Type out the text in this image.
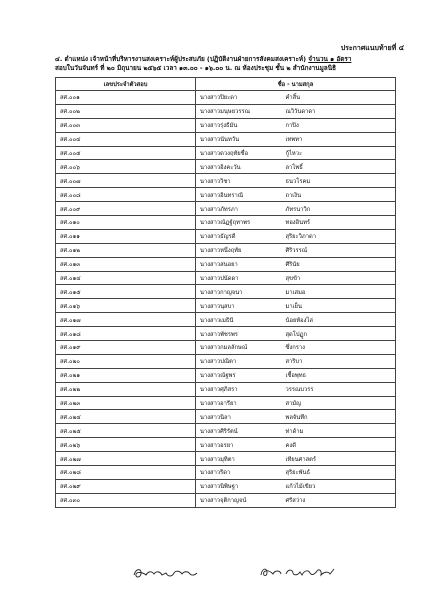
ประกาศแนบท้ายที่ ๔
๔. ตำแหน่ง เจ้าหน้าที่บริหารงานสงเคราะห์ผู้ประสบภัย (ปฏิบัติงานฝ่ายการสังคมสงเคราะห์) จำนวน ๑ อัตรา
สอบในวันจันทร์ ที่ ๒๐ มิถุนายน ๒๕๖๕ เวลา ๑๓.๐๐ - ๑๖.๐๐ น. ณ ห้องประชุม ชั้น ๒ สำนักงานมูลนิธิ
เลขประจำตัวสอบ	ชื่อ - นามสกุล	
สศ.๐๐๑	นางสาวปิยะดา	คำสิ้น
สศ.๐๐๒	นางสาวมนุษยวรรณ	ณวิวันดาดา
สศ.๐๐๓	นางสาวรุ่งธีมัน	กาปิง
สศ.๐๐๔	นางสาวนันทวัน	เทพทา
สศ.๐๐๕	นางสาวดวงฤทัยชื่อ	กู้ไหวะ
สศ.๐๐๖	นางสาวอิงคะวัน	ลาโพธิ์
สศ.๐๐๗	นางสาววิชา	ธนวโรคม
สศ.๐๐๘	นางสาวอินทราณี	ถาเงิน
สศ.๐๐๙	นางสาวภัทรภา	ภัทรนาวิก
สศ.๐๑๐	นางสาวณัฏฐ์ฤทาพร	ทองอินทร์
สศ.๐๑๑	นางสาวธัญรดี	สุริยะวิภาดา
สศ.๐๑๒	นางสาวหนึ่งฤทัย	ศิริวรรณ์
สศ.๐๑๓	นางสาวสนอยา	ศีรินัย
สศ.๐๑๔	นางสาวปนัดดา	สุขข้า
สศ.๐๑๕	นางสาวกาญจนา	มาเสมอ
สศ.๐๑๖	นางสาวนุสบา	มาเย็น
สศ.๐๑๗	นางสาวเมธินี	น้อยท้องไล่
สศ.๐๑๘	นางสาวพัชรพร	สุดโปฏูก
สศ.๐๑๙	นางสาวกมลลักษณ์	ซึ่งกราง
สศ.๐๒๐	นางสาวปณิตา	สาริบา
สศ.๐๒๑	นางสาวณัฐพร	เชื้อพุทธ
สศ.๐๒๒	นางสาวศุภิสรา	วรรณบวรร
สศ.๐๒๓	นางสาวอารียา	สามัญ
สศ.๐๒๔	นางสาวนิลา	พลจันทึก
สศ.๐๒๕	นางสาวศิริรัตน์	ท่าด้าม
สศ.๐๒๖	นางสาวอรยา	คงดี
สศ.๐๒๗	นางสาวมุทิตา	เทียนศาสตร์
สศ.๐๒๘	นางสาวริดา	สุริยะพันธ์
สศ.๐๒๙	นางสาวนิพิษฐา	แก้วไม้เขียว
สศ.๐๓๐	นางสาวจุติกาญจน์	ศรีสว่าง
